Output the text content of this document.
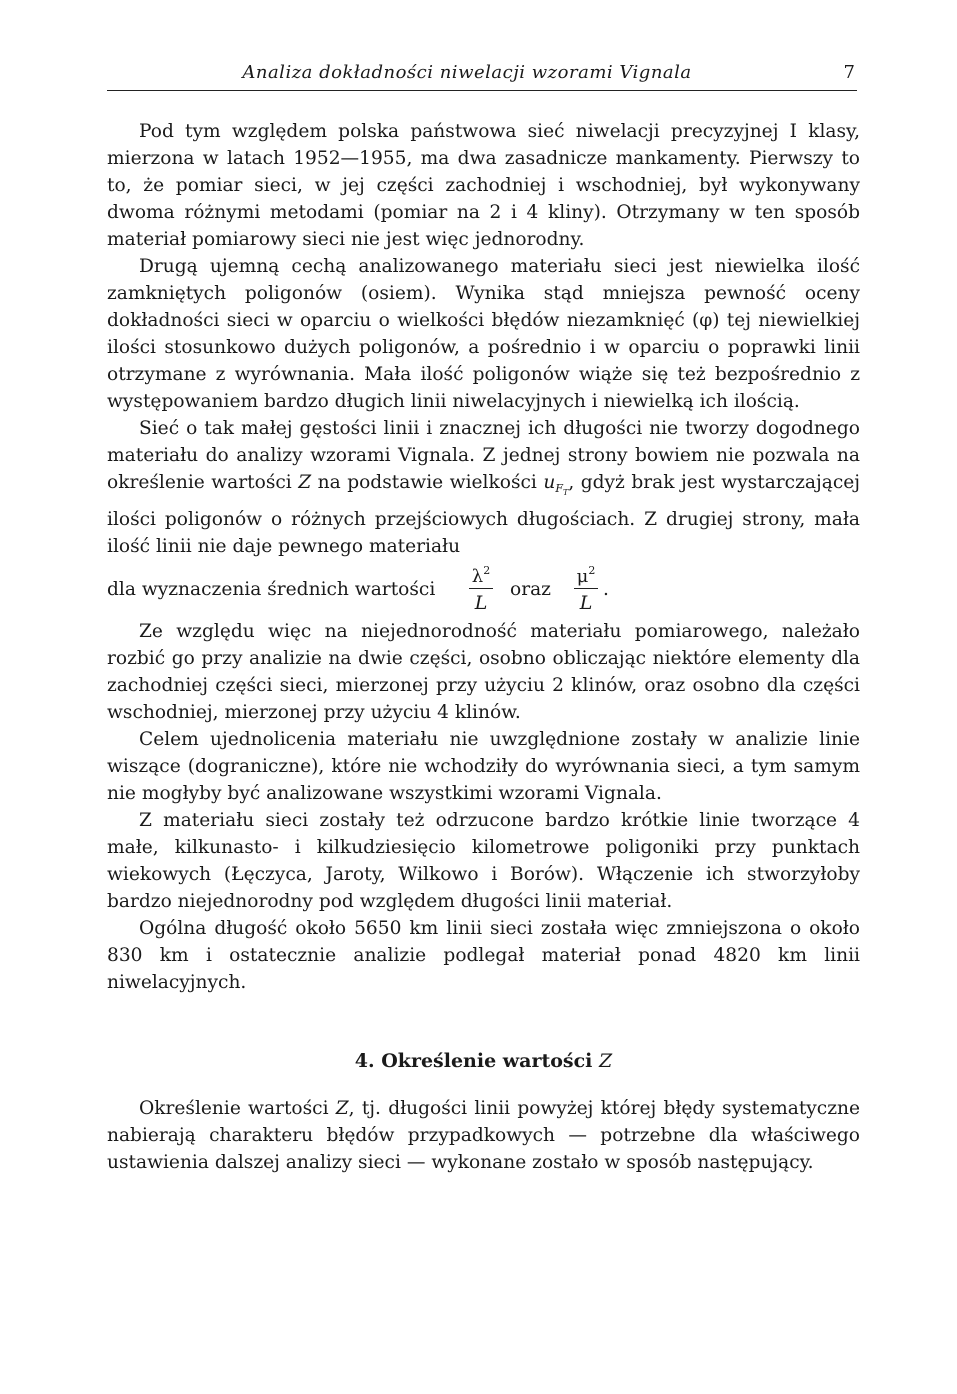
Analiza dokładności niwelacji wzorami Vignala	7

Pod tym względem polska państwowa sieć niwelacji precyzyjnej I klasy, mierzona w latach 1952—1955, ma dwa zasadnicze mankamenty. Pierwszy to to, że pomiar sieci, w jej części zachodniej i wschodniej, był wykonywany dwoma różnymi metodami (pomiar na 2 i 4 kliny). Otrzymany w ten sposób materiał pomiarowy sieci nie jest więc jednorodny.

Drugą ujemną cechą analizowanego materiału sieci jest niewielka ilość zamkniętych poligonów (osiem). Wynika stąd mniejsza pewność oceny dokładności sieci w oparciu o wielkości błędów niezamknięć (φ) tej niewielkiej ilości stosunkowo dużych poligonów, a pośrednio i w oparciu o poprawki linii otrzymane z wyrównania. Mała ilość poligonów wiąże się też bezpośrednio z występowaniem bardzo długich linii niwelacyjnych i niewielką ich ilością.

Sieć o tak małej gęstości linii i znacznej ich długości nie tworzy dogodnego materiału do analizy wzorami Vignala. Z jednej strony bowiem nie pozwala na określenie wartości Z na podstawie wielkości $u_{F_T}$, gdyż brak jest wystarczającej ilości poligonów o różnych przejściowych długościach. Z drugiej strony, mała ilość linii nie daje pewnego materiału

dla wyznaczenia średnich wartości $\frac{\lambda^2}{L}$ oraz $\frac{\mu^2}{L}$ .

Ze względu więc na niejednorodność materiału pomiarowego, należało rozbić go przy analizie na dwie części, osobno obliczając niektóre elementy dla zachodniej części sieci, mierzonej przy użyciu 2 klinów, oraz osobno dla części wschodniej, mierzonej przy użyciu 4 klinów.

Celem ujednolicenia materiału nie uwzględnione zostały w analizie linie wiszące (dograniczne), które nie wchodziły do wyrównania sieci, a tym samym nie mogłyby być analizowane wszystkimi wzorami Vignala.

Z materiału sieci zostały też odrzucone bardzo krótkie linie tworzące 4 małe, kilkunasto- i kilkudziesięcio kilometrowe poligoniki przy punktach wiekowych (Łęczyca, Jaroty, Wilkowo i Borów). Włączenie ich stworzyłoby bardzo niejednorodny pod względem długości linii materiał.

Ogólna długość około 5650 km linii sieci została więc zmniejszona o około 830 km i ostatecznie analizie podlegał materiał ponad 4820 km linii niwelacyjnych.

4. Określenie wartości Z

Określenie wartości Z, tj. długości linii powyżej której błędy systematyczne nabierają charakteru błędów przypadkowych — potrzebne dla właściwego ustawienia dalszej analizy sieci — wykonane zostało w sposób następujący.
